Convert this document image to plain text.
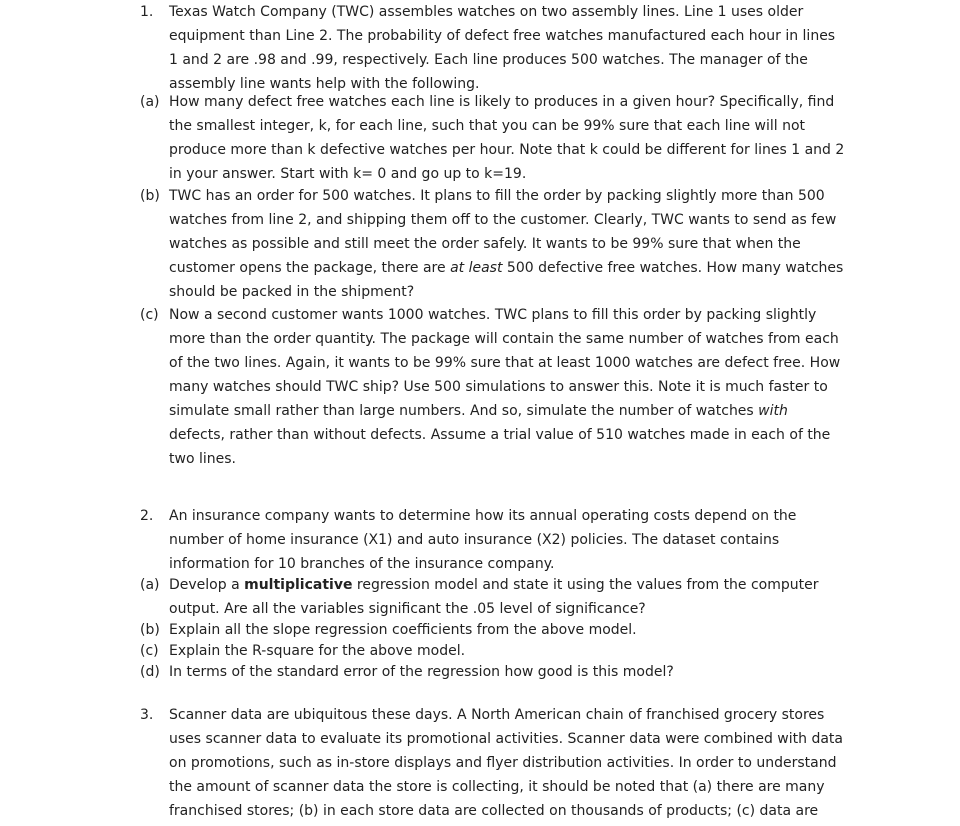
1.	Texas Watch Company (TWC) assembles watches on two assembly lines. Line 1 uses older equipment than Line 2. The probability of defect free watches manufactured each hour in lines 1 and 2 are .98 and .99, respectively. Each line produces 500 watches. The manager of the assembly line wants help with the following.
(a) How many defect free watches each line is likely to produces in a given hour? Specifically, find the smallest integer, k, for each line, such that you can be 99% sure that each line will not produce more than k defective watches per hour. Note that k could be different for lines 1 and 2 in your answer. Start with k= 0 and go up to k=19.
(b) TWC has an order for 500 watches. It plans to fill the order by packing slightly more than 500 watches from line 2, and shipping them off to the customer. Clearly, TWC wants to send as few watches as possible and still meet the order safely. It wants to be 99% sure that when the customer opens the package, there are at least 500 defective free watches. How many watches should be packed in the shipment?
(c) Now a second customer wants 1000 watches. TWC plans to fill this order by packing slightly more than the order quantity. The package will contain the same number of watches from each of the two lines. Again, it wants to be 99% sure that at least 1000 watches are defect free. How many watches should TWC ship? Use 500 simulations to answer this. Note it is much faster to simulate small rather than large numbers. And so, simulate the number of watches with defects, rather than without defects. Assume a trial value of 510 watches made in each of the two lines.
2.	An insurance company wants to determine how its annual operating costs depend on the number of home insurance (X1) and auto insurance (X2) policies. The dataset contains information for 10 branches of the insurance company.
(a) Develop a multiplicative regression model and state it using the values from the computer output. Are all the variables significant the .05 level of significance?
(b) Explain all the slope regression coefficients from the above model.
(c) Explain the R-square for the above model.
(d) In terms of the standard error of the regression how good is this model?
3.	Scanner data are ubiquitous these days. A North American chain of franchised grocery stores uses scanner data to evaluate its promotional activities. Scanner data were combined with data on promotions, such as in-store displays and flyer distribution activities. In order to understand the amount of scanner data the store is collecting, it should be noted that (a) there are many franchised stores; (b) in each store data are collected on thousands of products; (c) data are
